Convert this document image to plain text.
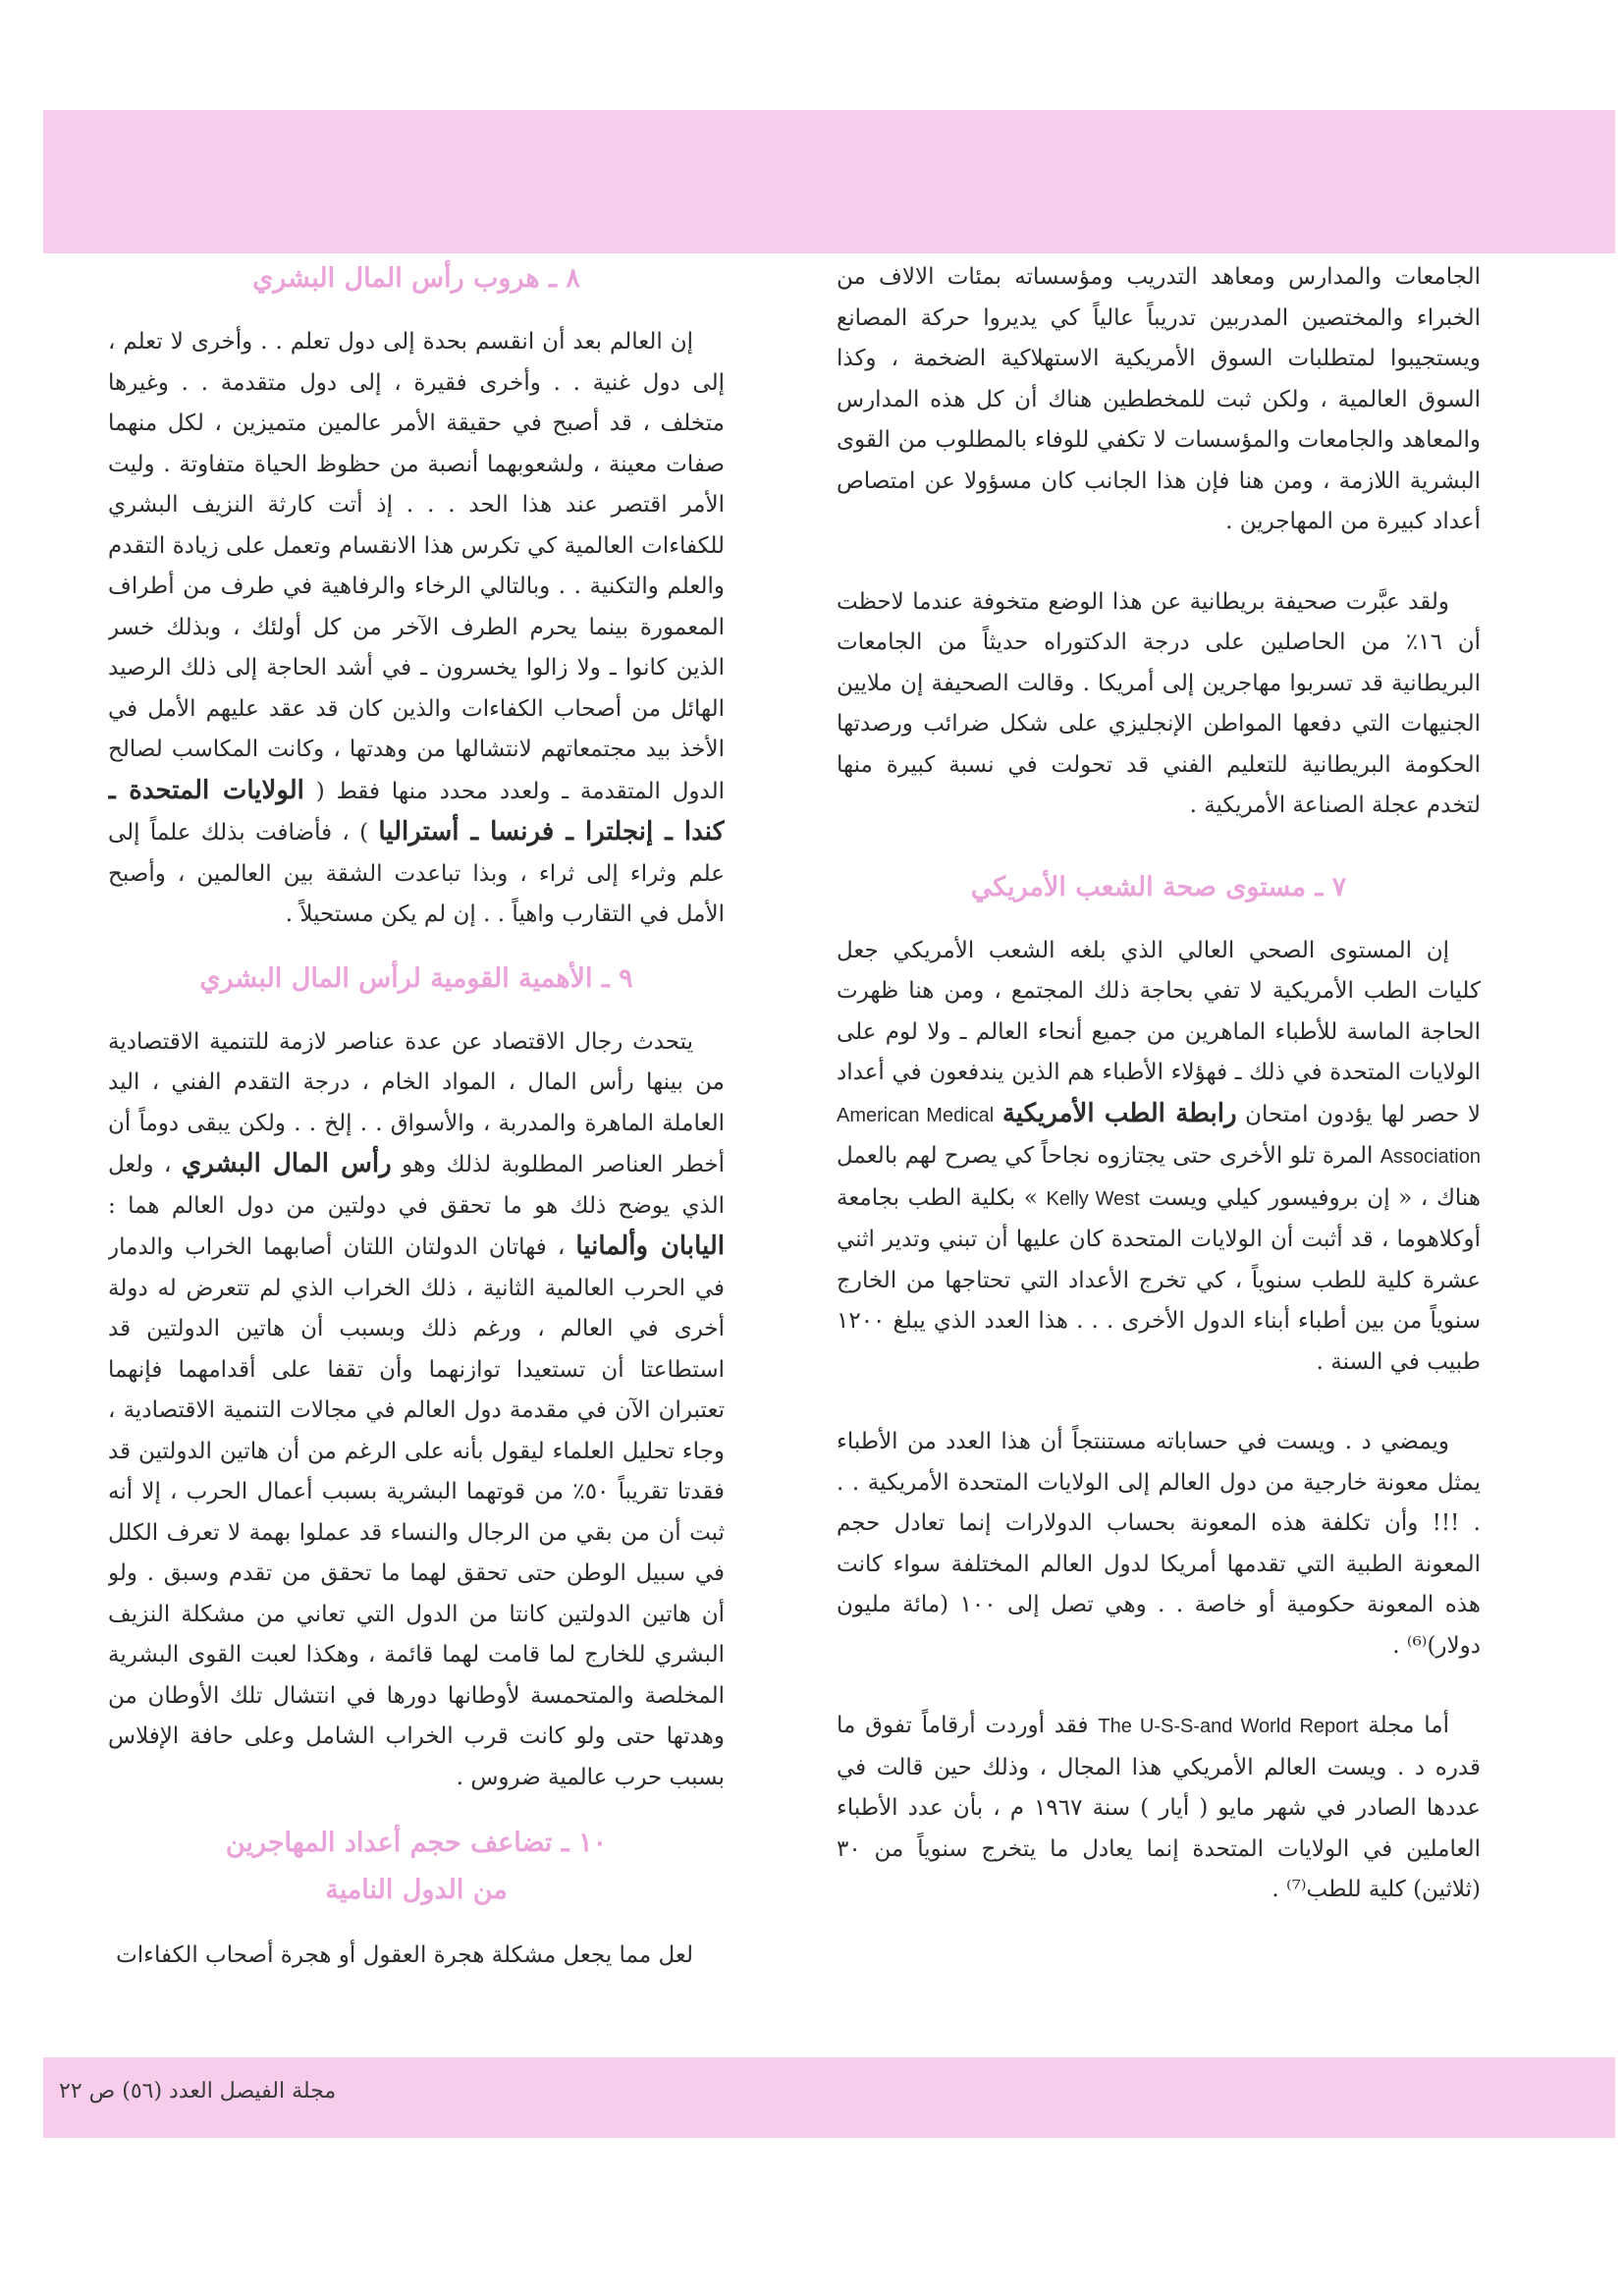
الجامعات والمدارس ومعاهد التدريب ومؤسساته بمئات الالاف من الخبراء والمختصين المدربين تدريباً عالياً كي يديروا حركة المصانع ويستجيبوا لمتطلبات السوق الأمريكية الاستهلاكية الضخمة ، وكذا السوق العالمية ، ولكن ثبت للمخططين هناك أن كل هذه المدارس والمعاهد والجامعات والمؤسسات لا تكفي للوفاء بالمطلوب من القوى البشرية اللازمة ، ومن هنا فإن هذا الجانب كان مسؤولا عن امتصاص أعداد كبيرة من المهاجرين .

ولقد عبَّرت صحيفة بريطانية عن هذا الوضع متخوفة عندما لاحظت أن ١٦٪ من الحاصلين على درجة الدكتوراه حديثاً من الجامعات البريطانية قد تسربوا مهاجرين إلى أمريكا . وقالت الصحيفة إن ملايين الجنيهات التي دفعها المواطن الإنجليزي على شكل ضرائب ورصدتها الحكومة البريطانية للتعليم الفني قد تحولت في نسبة كبيرة منها لتخدم عجلة الصناعة الأمريكية .

٧ ـ مستوى صحة الشعب الأمريكي

إن المستوى الصحي العالي الذي بلغه الشعب الأمريكي جعل كليات الطب الأمريكية لا تفي بحاجة ذلك المجتمع ، ومن هنا ظهرت الحاجة الماسة للأطباء الماهرين من جميع أنحاء العالم ـ ولا لوم على الولايات المتحدة في ذلك ـ فهؤلاء الأطباء هم الذين يندفعون في أعداد لا حصر لها يؤدون امتحان رابطة الطب الأمريكية American Medical Association المرة تلو الأخرى حتى يجتازوه نجاحاً كي يصرح لهم بالعمل هناك ، « إن بروفيسور كيلي ويست Kelly West » بكلية الطب بجامعة أوكلاهوما ، قد أثبت أن الولايات المتحدة كان عليها أن تبني وتدير اثني عشرة كلية للطب سنوياً ، كي تخرج الأعداد التي تحتاجها من الخارج سنوياً من بين أطباء أبناء الدول الأخرى . . . هذا العدد الذي يبلغ ١٢٠٠ طبيب في السنة .

ويمضي د . ويست في حساباته مستنتجاً أن هذا العدد من الأطباء يمثل معونة خارجية من دول العالم إلى الولايات المتحدة الأمريكية . . . !!! وأن تكلفة هذه المعونة بحساب الدولارات إنما تعادل حجم المعونة الطبية التي تقدمها أمريكا لدول العالم المختلفة سواء كانت هذه المعونة حكومية أو خاصة . . وهي تصل إلى ١٠٠ (مائة مليون دولار)⁽⁶⁾ .

أما مجلة The U-S-S-and World Report فقد أوردت أرقاماً تفوق ما قدره د . ويست العالم الأمريكي هذا المجال ، وذلك حين قالت في عددها الصادر في شهر مايو ( أيار ) سنة ١٩٦٧ م ، بأن عدد الأطباء العاملين في الولايات المتحدة إنما يعادل ما يتخرج سنوياً من ٣٠ (ثلاثين) كلية للطب⁽⁷⁾ .

٨ ـ هروب رأس المال البشري

إن العالم بعد أن انقسم بحدة إلى دول تعلم . . وأخرى لا تعلم ، إلى دول غنية . . وأخرى فقيرة ، إلى دول متقدمة . . وغيرها متخلف ، قد أصبح في حقيقة الأمر عالمين متميزين ، لكل منهما صفات معينة ، ولشعوبهما أنصبة من حظوظ الحياة متفاوتة . وليت الأمر اقتصر عند هذا الحد . . . إذ أتت كارثة النزيف البشري للكفاءات العالمية كي تكرس هذا الانقسام وتعمل على زيادة التقدم والعلم والتكنية . . وبالتالي الرخاء والرفاهية في طرف من أطراف المعمورة بينما يحرم الطرف الآخر من كل أولئك ، وبذلك خسر الذين كانوا ـ ولا زالوا يخسرون ـ في أشد الحاجة إلى ذلك الرصيد الهائل من أصحاب الكفاءات والذين كان قد عقد عليهم الأمل في الأخذ بيد مجتمعاتهم لانتشالها من وهدتها ، وكانت المكاسب لصالح الدول المتقدمة ـ ولعدد محدد منها فقط ( الولايات المتحدة ـ كندا ـ إنجلترا ـ فرنسا ـ أستراليا ) ، فأضافت بذلك علماً إلى علم وثراء إلى ثراء ، وبذا تباعدت الشقة بين العالمين ، وأصبح الأمل في التقارب واهياً . . إن لم يكن مستحيلاً .

٩ ـ الأهمية القومية لرأس المال البشري

يتحدث رجال الاقتصاد عن عدة عناصر لازمة للتنمية الاقتصادية من بينها رأس المال ، المواد الخام ، درجة التقدم الفني ، اليد العاملة الماهرة والمدربة ، والأسواق . . إلخ . . ولكن يبقى دوماً أن أخطر العناصر المطلوبة لذلك وهو رأس المال البشري ، ولعل الذي يوضح ذلك هو ما تحقق في دولتين من دول العالم هما : اليابان وألمانيا ، فهاتان الدولتان اللتان أصابهما الخراب والدمار في الحرب العالمية الثانية ، ذلك الخراب الذي لم تتعرض له دولة أخرى في العالم ، ورغم ذلك وبسبب أن هاتين الدولتين قد استطاعتا أن تستعيدا توازنهما وأن تقفا على أقدامهما فإنهما تعتبران الآن في مقدمة دول العالم في مجالات التنمية الاقتصادية ، وجاء تحليل العلماء ليقول بأنه على الرغم من أن هاتين الدولتين قد فقدتا تقريباً ٥٠٪ من قوتهما البشرية بسبب أعمال الحرب ، إلا أنه ثبت أن من بقي من الرجال والنساء قد عملوا بهمة لا تعرف الكلل في سبيل الوطن حتى تحقق لهما ما تحقق من تقدم وسبق . ولو أن هاتين الدولتين كانتا من الدول التي تعاني من مشكلة النزيف البشري للخارج لما قامت لهما قائمة ، وهكذا لعبت القوى البشرية المخلصة والمتحمسة لأوطانها دورها في انتشال تلك الأوطان من وهدتها حتى ولو كانت قرب الخراب الشامل وعلى حافة الإفلاس بسبب حرب عالمية ضروس .

١٠ ـ تضاعف حجم أعداد المهاجرين
من الدول النامية

لعل مما يجعل مشكلة هجرة العقول أو هجرة أصحاب الكفاءات

مجلة الفيصل العدد (٥٦) ص ٢٢
